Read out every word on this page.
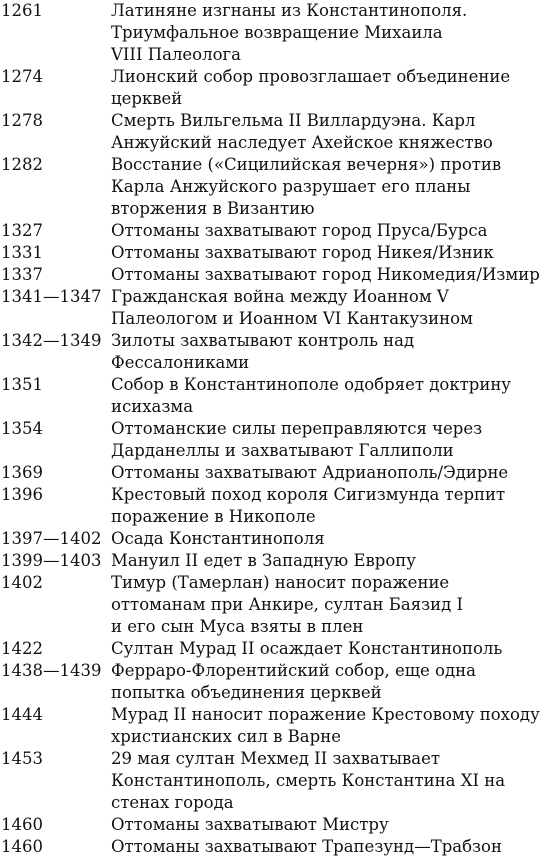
1261	Латиняне изгнаны из Константинополя.
Триумфальное возвращение Михаила
VIII Палеолога
1274	Лионский собор провозглашает объединение
церквей
1278	Смерть Вильгельма II Виллардуэна. Карл
Анжуйский наследует Ахейское княжество
1282	Восстание («Сицилийская вечерня») против
Карла Анжуйского разрушает его планы
вторжения в Византию
1327	Оттоманы захватывают город Пруса/Бурса
1331	Оттоманы захватывают город Никея/Изник
1337	Оттоманы захватывают город Никомедия/Измир
1341—1347 Гражданская война между Иоанном V
Палеологом и Иоанном VI Кантакузином
1342—1349 Зилоты захватывают контроль над
Фессалониками
1351	Собор в Константинополе одобряет доктрину
исихазма
1354	Оттоманские силы переправляются через
Дарданеллы и захватывают Галлиполи
1369	Оттоманы захватывают Адрианополь/Эдирне
1396	Крестовый поход короля Сигизмунда терпит
поражение в Никополе
1397—1402 Осада Константинополя
1399—1403 Мануил II едет в Западную Европу
1402	Тимур (Тамерлан) наносит поражение
оттоманам при Анкире, султан Баязид I
и его сын Муса взяты в плен
1422	Султан Мурад II осаждает Константинополь
1438—1439 Ферраро-Флорентийский собор, еще одна
попытка объединения церквей
1444	Мурад II наносит поражение Крестовому походу
христианских сил в Варне
1453	29 мая султан Мехмед II захватывает
Константинополь, смерть Константина XI на
стенах города
1460	Оттоманы захватывают Мистру
1460	Оттоманы захватывают Трапезунд—Трабзон
